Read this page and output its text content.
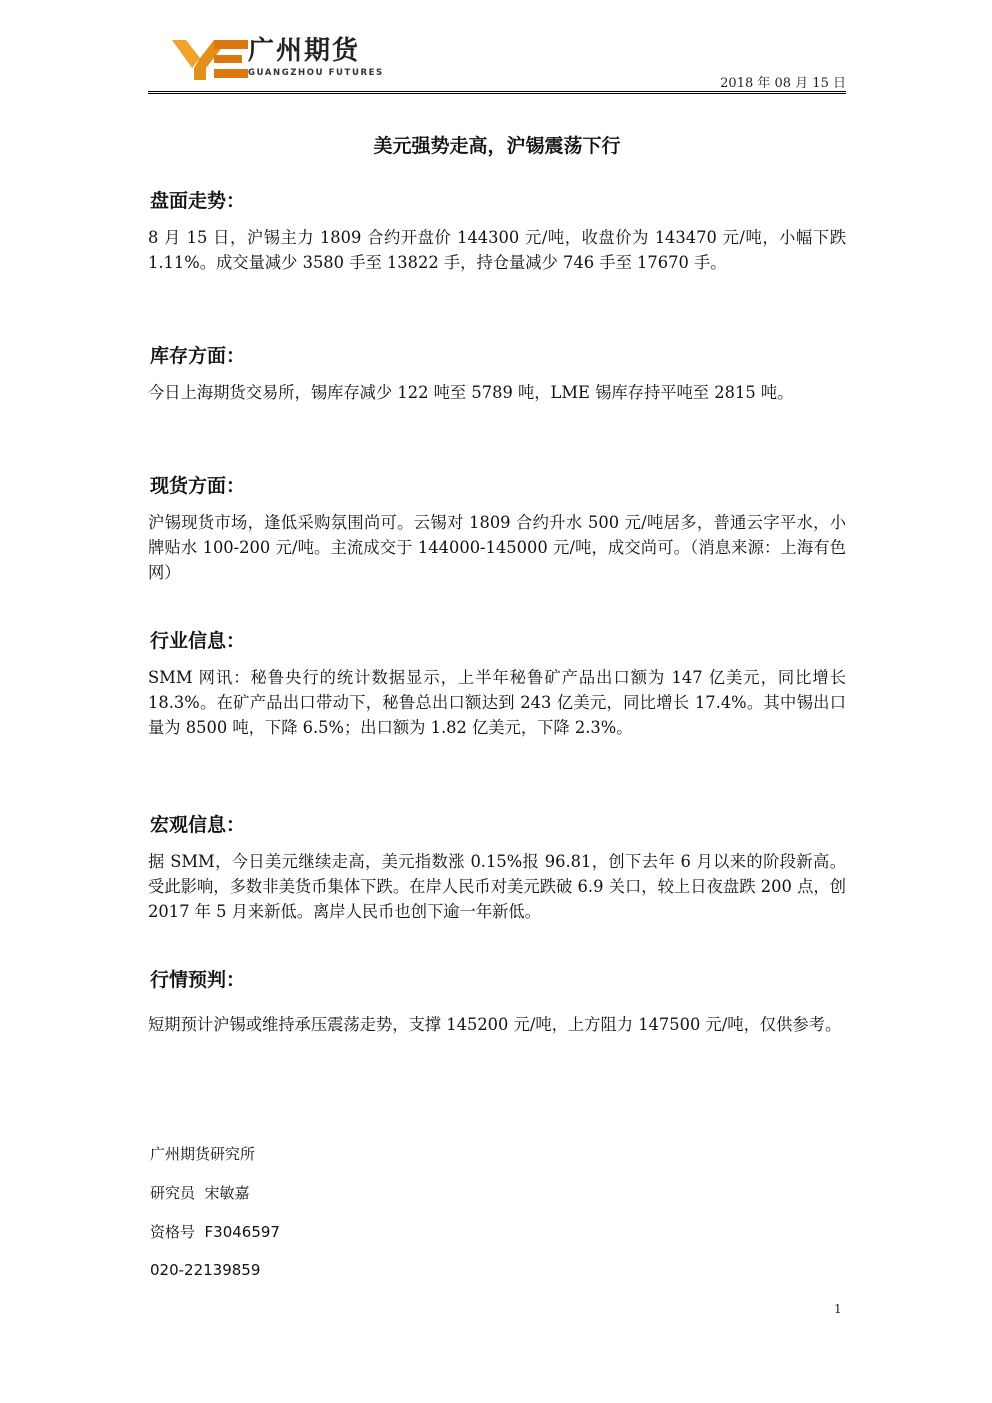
广州期货
GUANGZHOU FUTURES
2018 年 08 月 15 日
美元强势走高，沪锡震荡下行
盘面走势：
8 月 15 日，沪锡主力 1809 合约开盘价 144300 元/吨，收盘价为 143470 元/吨，小幅下跌 1.11%。成交量减少 3580 手至 13822 手，持仓量减少 746 手至 17670 手。
库存方面：
今日上海期货交易所，锡库存减少 122 吨至 5789 吨，LME 锡库存持平吨至 2815 吨。
现货方面：
沪锡现货市场，逢低采购氛围尚可。云锡对 1809 合约升水 500 元/吨居多，普通云字平水，小牌贴水 100-200 元/吨。主流成交于 144000-145000 元/吨，成交尚可。（消息来源：上海有色网）
行业信息：
SMM 网讯：秘鲁央行的统计数据显示，上半年秘鲁矿产品出口额为 147 亿美元，同比增长 18.3%。在矿产品出口带动下，秘鲁总出口额达到 243 亿美元，同比增长 17.4%。其中锡出口量为 8500 吨，下降 6.5%；出口额为 1.82 亿美元，下降 2.3%。
宏观信息：
据 SMM，今日美元继续走高，美元指数涨 0.15%报 96.81，创下去年 6 月以来的阶段新高。受此影响，多数非美货币集体下跌。在岸人民币对美元跌破 6.9 关口，较上日夜盘跌 200 点，创 2017 年 5 月来新低。离岸人民币也创下逾一年新低。
行情预判：
短期预计沪锡或维持承压震荡走势，支撑 145200 元/吨，上方阻力 147500 元/吨，仅供参考。
广州期货研究所
研究员  宋敏嘉
资格号  F3046597
020-22139859
1
